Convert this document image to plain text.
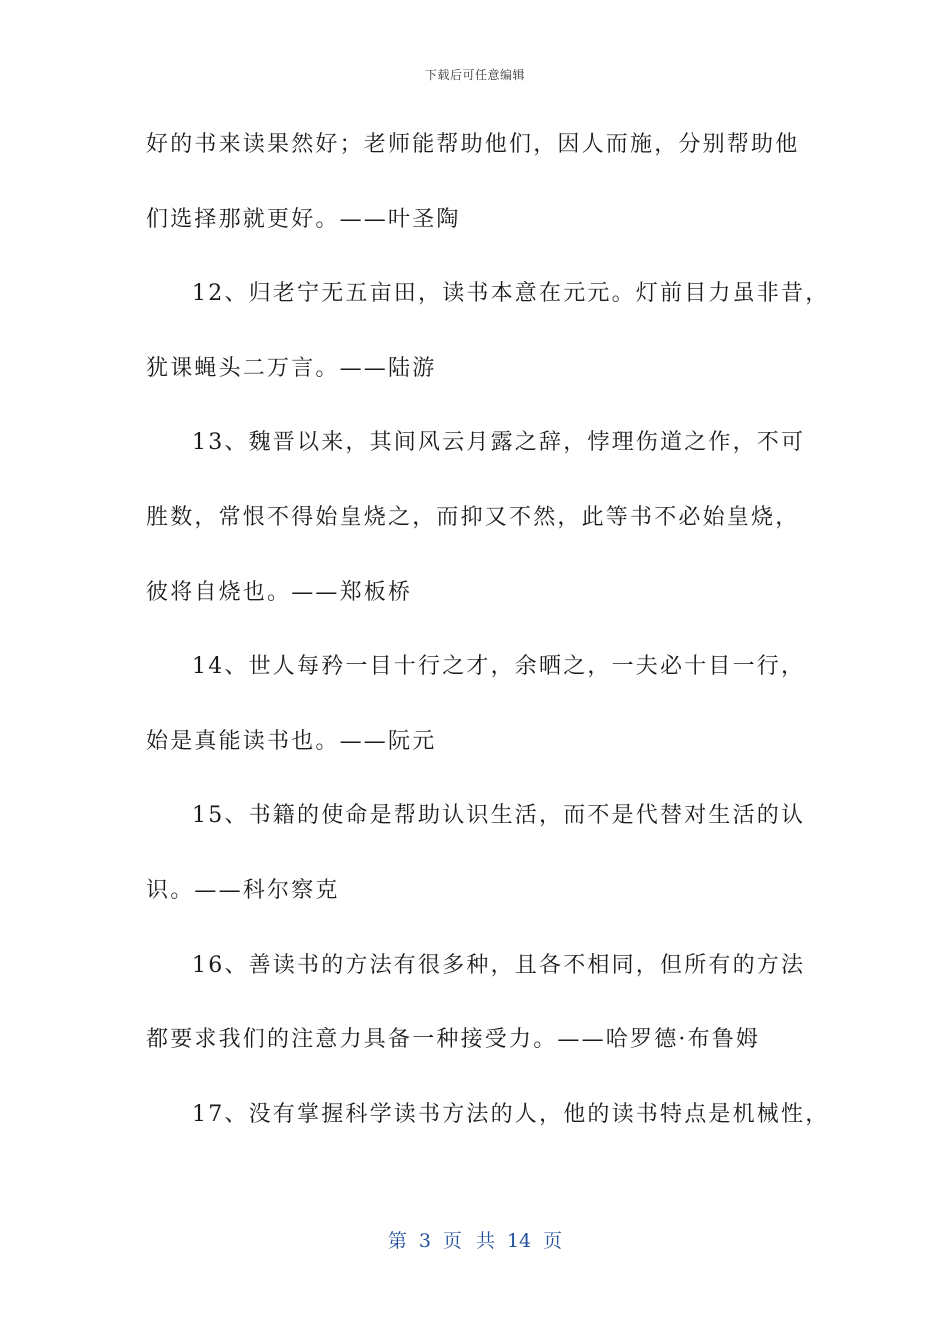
下载后可任意编辑
好的书来读果然好；老师能帮助他们，因人而施，分别帮助他
们选择那就更好。——叶圣陶
12、归老宁无五亩田，读书本意在元元。灯前目力虽非昔，
犹课蝇头二万言。——陆游
13、魏晋以来，其间风云月露之辞，悖理伤道之作，不可
胜数，常恨不得始皇烧之，而抑又不然，此等书不必始皇烧，
彼将自烧也。——郑板桥
14、世人每矜一目十行之才，余晒之，一夫必十目一行，
始是真能读书也。——阮元
15、书籍的使命是帮助认识生活，而不是代替对生活的认
识。——科尔察克
16、善读书的方法有很多种，且各不相同，但所有的方法
都要求我们的注意力具备一种接受力。——哈罗德·布鲁姆
17、没有掌握科学读书方法的人，他的读书特点是机械性，
第 3 页 共 14 页
